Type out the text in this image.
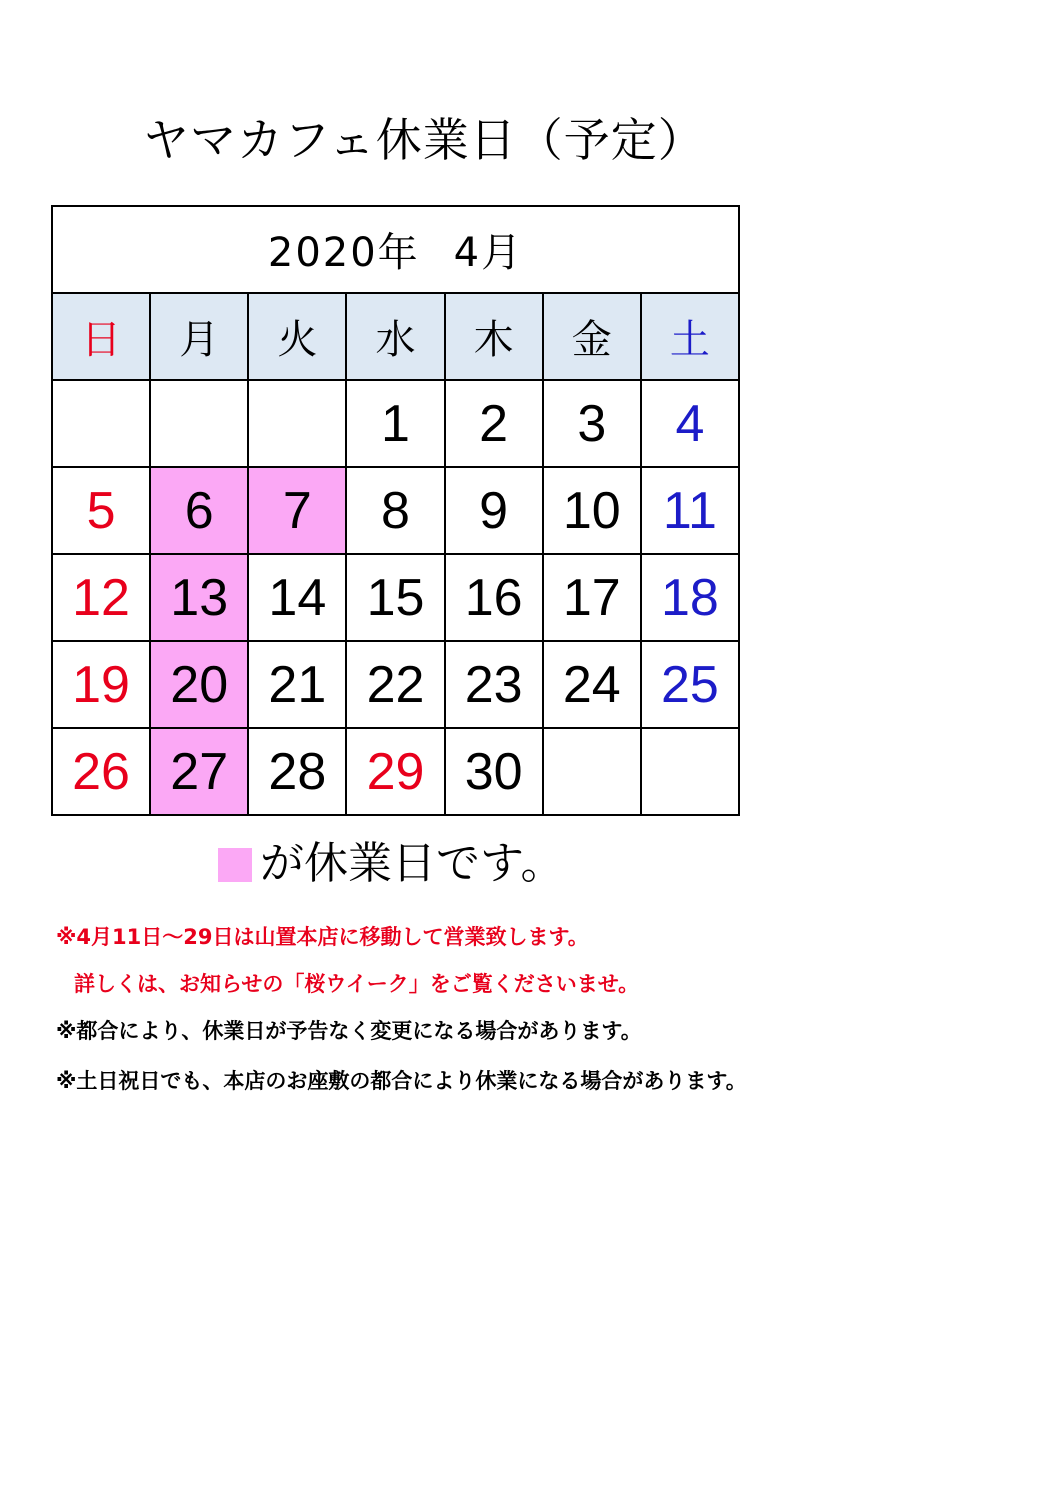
ヤマカフェ休業日（予定）
2020年 4月						
日	月	火	水	木	金	土
			1	2	3	4
5	6	7	8	9	10	11
12	13	14	15	16	17	18
19	20	21	22	23	24	25
26	27	28	29	30		
が休業日です。
※4月11日～29日は山置本店に移動して営業致します。
詳しくは、お知らせの「桜ウイーク」をご覧くださいませ。
※都合により、休業日が予告なく変更になる場合があります。
※土日祝日でも、本店のお座敷の都合により休業になる場合があります。
